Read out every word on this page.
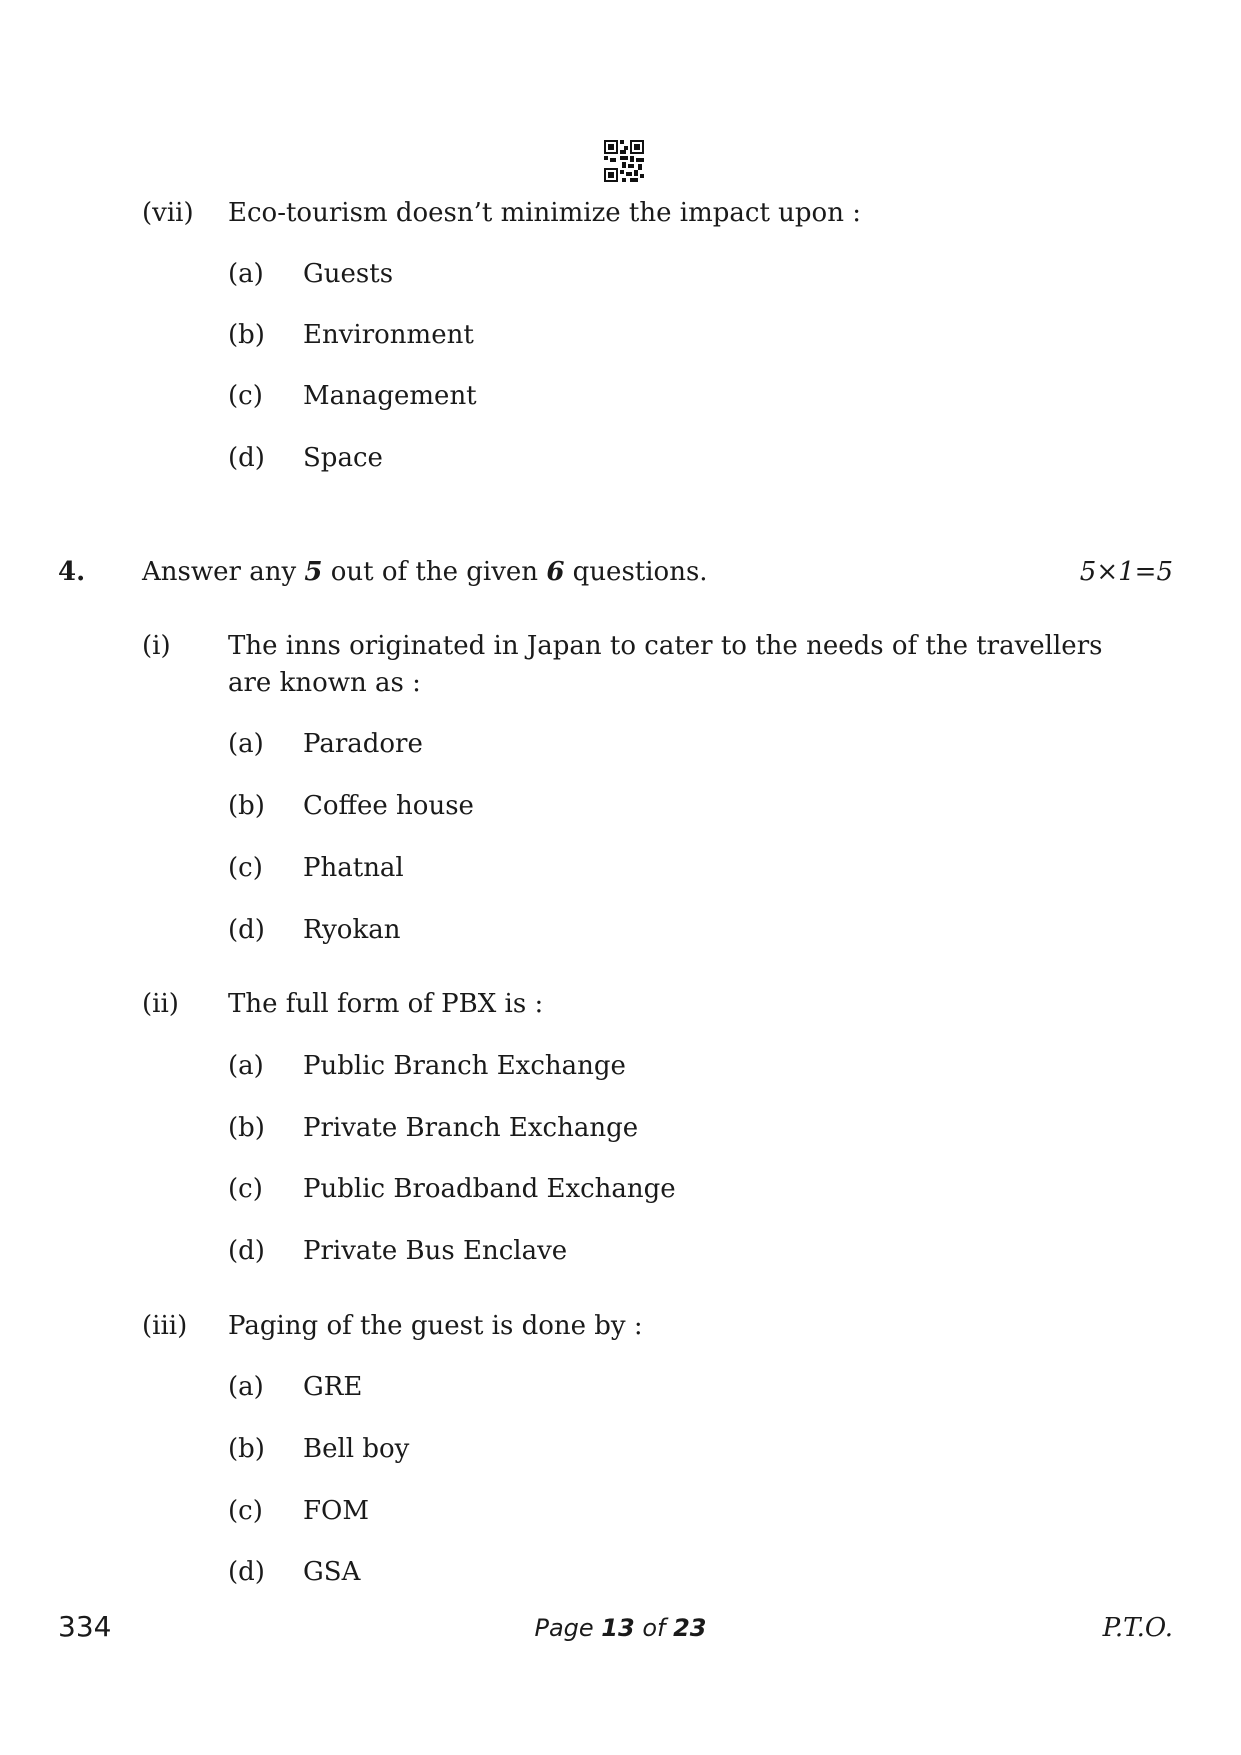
(vii) Eco-tourism doesn’t minimize the impact upon :
(a) Guests
(b) Environment
(c) Management
(d) Space
4. Answer any 5 out of the given 6 questions.	5×1=5
(i) The inns originated in Japan to cater to the needs of the travellers
are known as :
(a) Paradore
(b) Coffee house
(c) Phatnal
(d) Ryokan
(ii) The full form of PBX is :
(a) Public Branch Exchange
(b) Private Branch Exchange
(c) Public Broadband Exchange
(d) Private Bus Enclave
(iii) Paging of the guest is done by :
(a) GRE
(b) Bell boy
(c) FOM
(d) GSA
334	Page 13 of 23	P.T.O.
